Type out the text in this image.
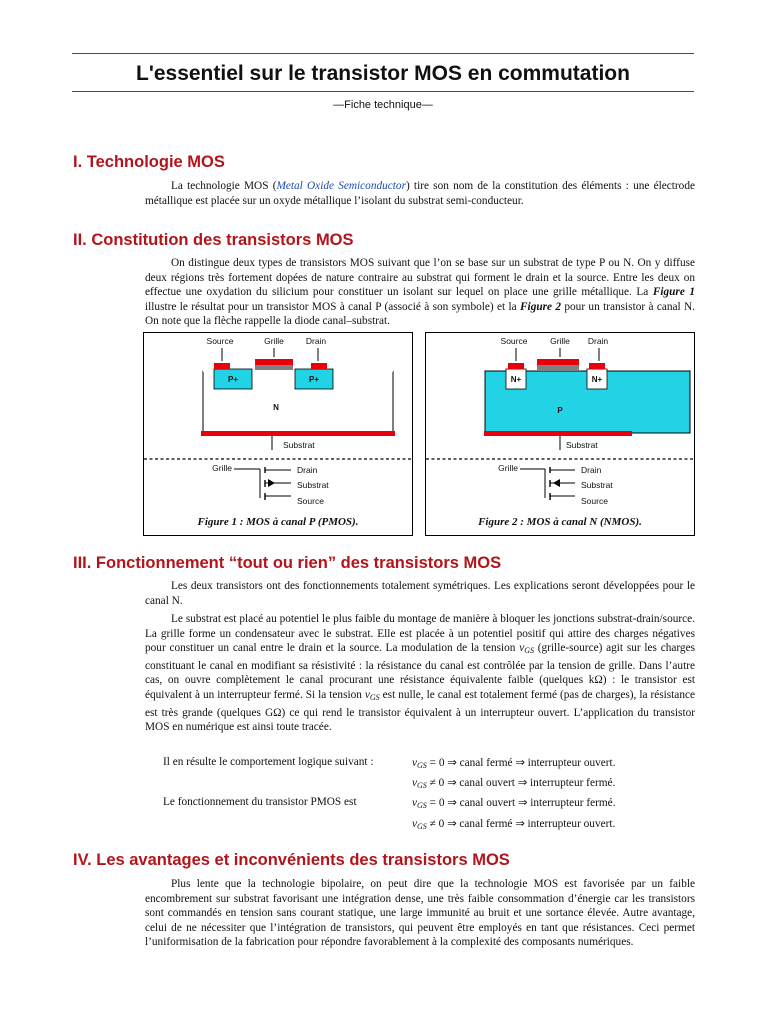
L'essentiel sur le transistor MOS en commutation
—Fiche technique—
I. Technologie MOS

La technologie MOS (Metal Oxide Semiconductor) tire son nom de la constitution des éléments : une électrode métallique est placée sur un oxyde métallique l’isolant du substrat semi-conducteur.

II. Constitution des transistors MOS

On distingue deux types de transistors MOS suivant que l’on se base sur un substrat de type P ou N. On y diffuse deux régions très fortement dopées de nature contraire au substrat qui forment le drain et la source. Entre les deux on effectue une oxydation du silicium pour constituer un isolant sur lequel on place une grille métallique. La Figure 1 illustre le résultat pour un transistor MOS à canal P (associé à son symbole) et la Figure 2 pour un transistor à canal N. On note que la flèche rappelle la diode canal–substrat.

Source	Grille	Drain
P+	P+
N
Substrat
Grille	Drain
Substrat
Source
Figure 1 : MOS à canal P (PMOS).
Source	Grille Drain
N+	N+
P
Substrat
Grille	Drain
Substrat
Source
Figure 2 : MOS à canal N (NMOS).
III. Fonctionnement “tout ou rien” des transistors MOS

Les deux transistors ont des fonctionnements totalement symétriques. Les explications seront développées pour le canal N.

Le substrat est placé au potentiel le plus faible du montage de manière à bloquer les jonctions substrat-drain/source. La grille forme un condensateur avec le substrat. Elle est placée à un potentiel positif qui attire des charges négatives pour constituer un canal entre le drain et la source. La modulation de la tension $v_{GS}$ (grille-source) agit sur les charges constituant le canal en modifiant sa résistivité : la résistance du canal est contrôlée par la tension de grille. Dans l’autre cas, on ouvre complètement le canal procurant une résistance équivalente faible (quelques kΩ) : le transistor est équivalent à un interrupteur fermé. Si la tension $v_{GS}$ est nulle, le canal est totalement fermé (pas de charges), la résistance est très grande (quelques GΩ) ce qui rend le transistor équivalent à un interrupteur ouvert. L’application du transistor MOS en numérique est ainsi toute tracée.

Il en résulte le comportement logique suivant :	$v_{GS} = 0$ ⇒ canal fermé ⇒ interrupteur ouvert.
$v_{GS} \ne 0$ ⇒ canal ouvert ⇒ interrupteur fermé.
Le fonctionnement du transistor PMOS est	$v_{GS} = 0$ ⇒ canal ouvert ⇒ interrupteur fermé.
$v_{GS} \ne 0$ ⇒ canal fermé ⇒ interrupteur ouvert.
IV. Les avantages et inconvénients des transistors MOS

Plus lente que la technologie bipolaire, on peut dire que la technologie MOS est favorisée par un faible encombrement sur substrat favorisant une intégration dense, une très faible consommation d’énergie car les transistors sont commandés en tension sans courant statique, une large immunité au bruit et une sortance élevée. Autre avantage, celui de ne nécessiter que l’intégration de transistors, qui peuvent être employés en tant que résistances. Ceci permet l’uniformisation de la fabrication pour répondre favorablement à la complexité des composants numériques.
